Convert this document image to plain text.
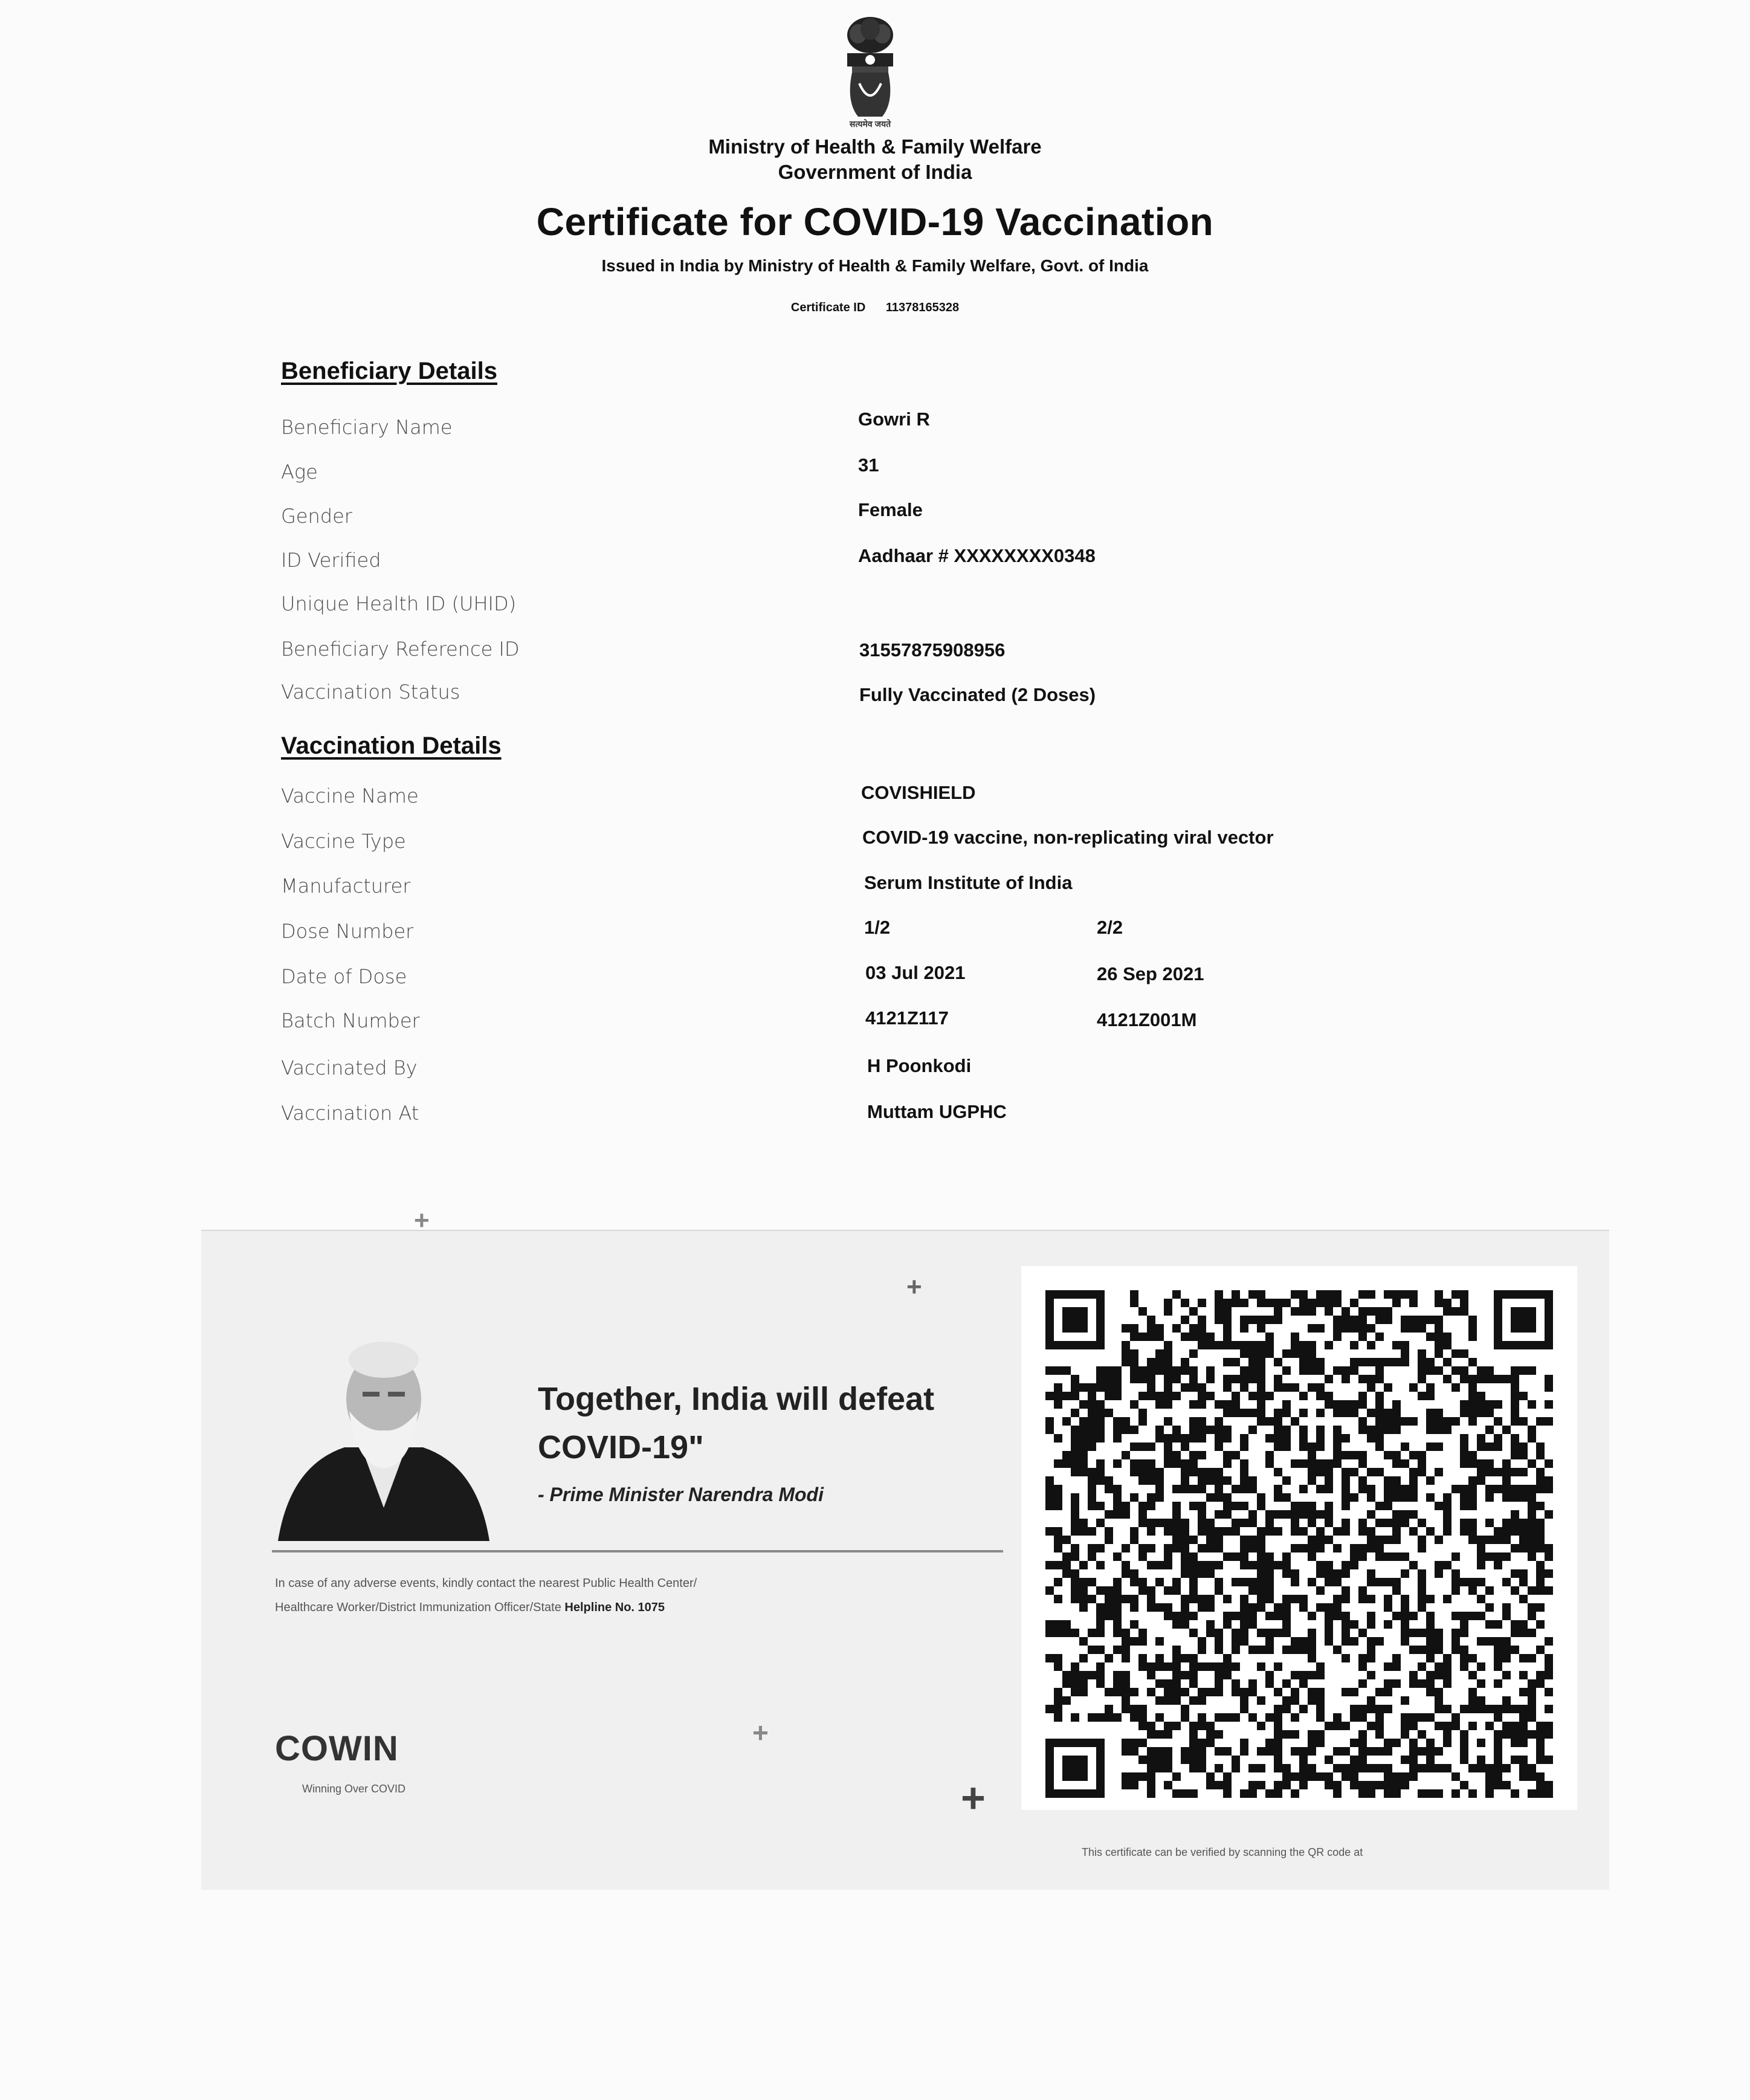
सत्यमेव जयते
Ministry of Health & Family Welfare
Government of India
Certificate for COVID-19 Vaccination
Issued in India by Ministry of Health & Family Welfare, Govt. of India
Certificate ID 11378165328
Beneficiary Details
Beneficiary Name	Gowri R
Age	31
Gender	Female
ID Verified	Aadhaar # XXXXXXXX0348
Unique Health ID (UHID)
Beneficiary Reference ID	31557875908956
Vaccination Status	Fully Vaccinated (2 Doses)
Vaccination Details
Vaccine Name	COVISHIELD
Vaccine Type	COVID-19 vaccine, non-replicating viral vector
Manufacturer	Serum Institute of India
Dose Number	1/2	2/2
Date of Dose	03 Jul 2021	26 Sep 2021
Batch Number	4121Z117	4121Z001M
Vaccinated By	H Poonkodi
Vaccination At	Muttam UGPHC
+
+
+
+
Together, India will defeat
COVID-19"
- Prime Minister Narendra Modi
In case of any adverse events, kindly contact the nearest Public Health Center/
Healthcare Worker/District Immunization Officer/State Helpline No. 1075
COWIN
Winning Over COVID
This certificate can be verified by scanning the QR code at
